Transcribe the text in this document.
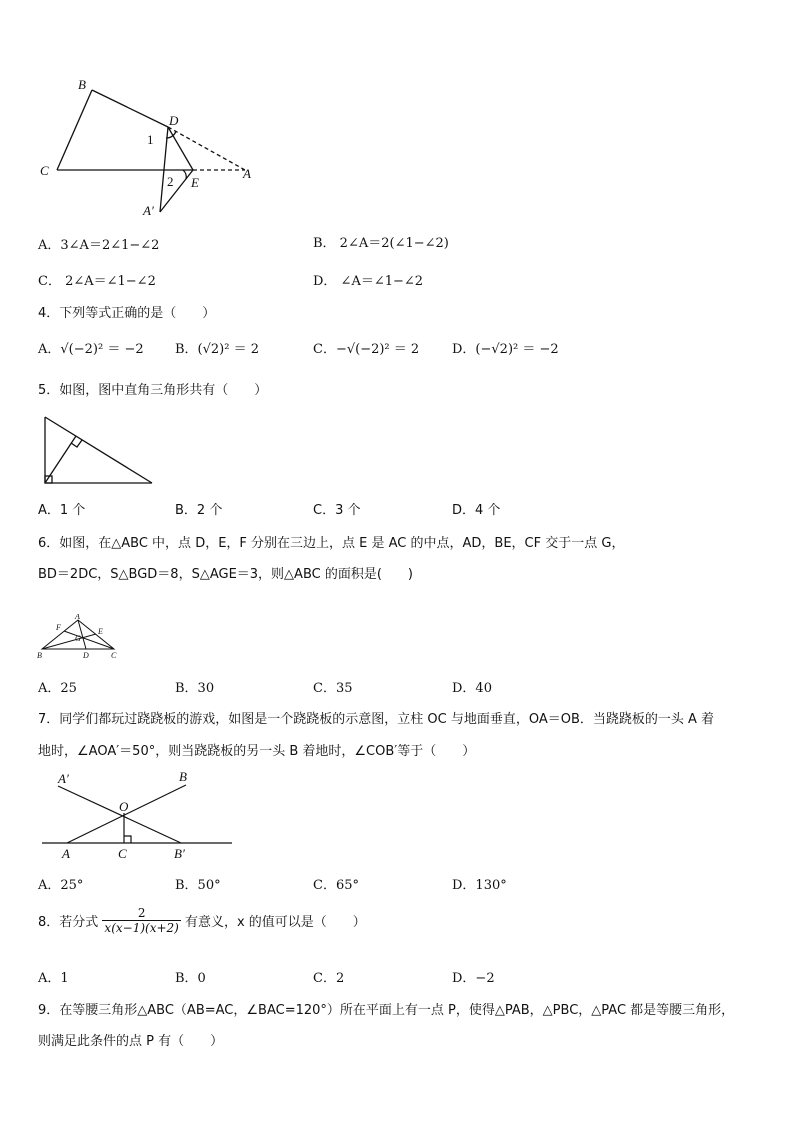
B
D
C
E
A
A′
1
2
A．3∠A＝2∠1−∠2	B． 2∠A＝2(∠1−∠2)
C． 2∠A＝∠1−∠2	D． ∠A＝∠1−∠2
4．下列等式正确的是（　　）
A．√(−2)² ＝ −2 B．(√2)² ＝ 2	C．−√(−2)² ＝ 2	D．(−√2)² ＝ −2
5．如图，图中直角三角形共有（　　）
A．1 个	B．2 个	C．3 个	D．4 个
6．如图，在△ABC 中，点 D，E，F 分别在三边上，点 E 是 AC 的中点，AD，BE，CF 交于一点 G，
BD＝2DC，S△BGD＝8，S△AGE＝3，则△ABC 的面积是(　　)
A
F	E
G
B	D	C
A．25	B．30	C．35	D．40
7．同学们都玩过跷跷板的游戏，如图是一个跷跷板的示意图，立柱 OC 与地面垂直，OA＝OB．当跷跷板的一头 A 着
地时，∠AOA′＝50°，则当跷跷板的另一头 B 着地时，∠COB′等于（　　）
A′	B
O
A	C	B′
A．25°	B．50°	C．65°	D．130°
8．若分式 $\frac{2}{x(x-1)(x+2)}$ 有意义，x 的值可以是（　　）
A．1	B．0	C．2	D．−2
9．在等腰三角形△ABC（AB=AC，∠BAC=120°）所在平面上有一点 P，使得△PAB，△PBC，△PAC 都是等腰三角形，
则满足此条件的点 P 有（　　）
